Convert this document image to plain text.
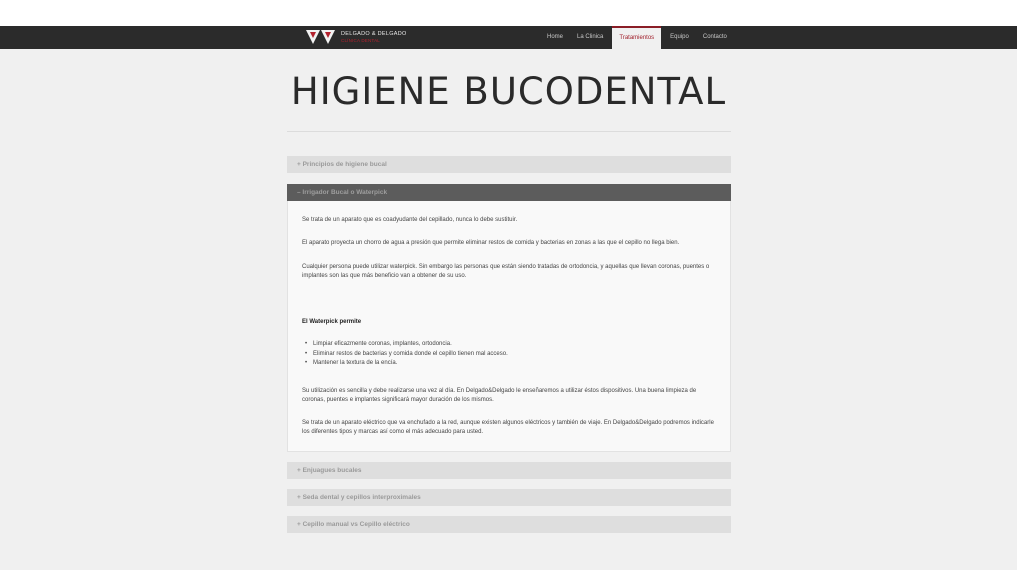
DELGADO & DELGADO
CLÍNICA DENTAL
Home	La Clinica	Tratamientos	Equipo	Contacto
HIGIENE BUCODENTAL
+ Principios de higiene bucal
– Irrigador Bucal o Waterpick

Se trata de un aparato que es coadyudante del cepillado, nunca lo debe sustituir.

El aparato proyecta un chorro de agua a presión que permite eliminar restos de comida y bacterias en zonas a las que el cepillo no llega bien.

Cualquier persona puede utilizar waterpick. Sin embargo las personas que están siendo tratadas de ortodoncia, y aquellas que llevan coronas, puentes o implantes son las que más beneficio van a obtener de su uso.

El Waterpick permite

• Limpiar eficazmente coronas, implantes, ortodoncia.
• Eliminar restos de bacterias y comida donde el cepillo tienen mal acceso.
• Mantener la textura de la encía.

Su utilización es sencilla y debe realizarse una vez al día. En Delgado&Delgado le enseñaremos a utilizar éstos dispositivos. Una buena limpieza de coronas, puentes e implantes significará mayor duración de los mismos.

Se trata de un aparato eléctrico que va enchufado a la red, aunque existen algunos eléctricos y también de viaje. En Delgado&Delgado podremos indicarle los diferentes tipos y marcas así como el más adecuado para usted.

+ Enjuagues bucales
+ Seda dental y cepillos interproximales
+ Cepillo manual vs Cepillo eléctrico
